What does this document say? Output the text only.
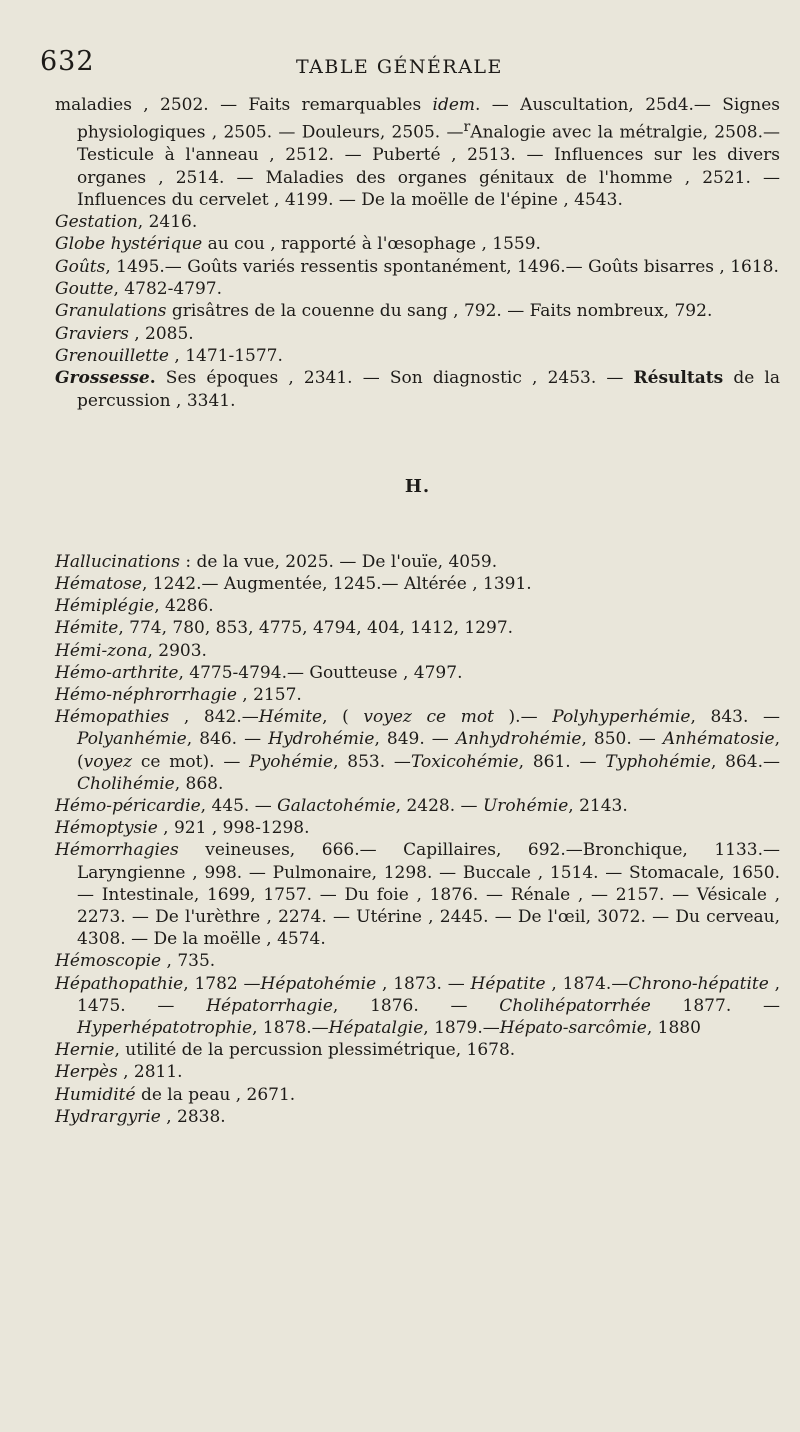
632	TABLE GÉNÉRALE

maladies , 2502. — Faits remarquables idem. — Auscultation, 25d4.— Signes physiologiques , 2505. — Douleurs, 2505. —$^r$Analogie avec la métralgie, 2508.— Testicule à l'anneau , 2512. — Puberté , 2513. — Influences sur les divers organes , 2514. — Maladies des organes génitaux de l'homme , 2521. — Influences du cervelet , 4199. — De la moëlle de l'épine , 4543.

Gestation, 2416.

Globe hystérique au cou , rapporté à l'œsophage , 1559.

Goûts, 1495.— Goûts variés ressentis spontanément, 1496.— Goûts bisarres , 1618.

Goutte, 4782-4797.

Granulations grisâtres de la couenne du sang , 792. — Faits nombreux, 792.

Graviers , 2085.

Grenouillette , 1471-1577.

Grossesse. Ses époques , 2341. — Son diagnostic , 2453. — Résultats de la percussion , 3341.

H.

Hallucinations : de la vue, 2025. — De l'ouïe, 4059.

Hématose, 1242.— Augmentée, 1245.— Altérée , 1391.

Hémiplégie, 4286.

Hémite, 774, 780, 853, 4775, 4794, 404, 1412, 1297.

Hémi-zona, 2903.

Hémo-arthrite, 4775-4794.— Goutteuse , 4797.

Hémo-néphrorrhagie , 2157.

Hémopathies , 842.—Hémite, ( voyez ce mot ).— Polyhyperhémie, 843. —Polyanhémie, 846. — Hydrohémie, 849. — Anhydrohémie, 850. — Anhématosie, (voyez ce mot). — Pyohémie, 853. —Toxicohémie, 861. — Typhohémie, 864.— Cholihémie, 868.

Hémo-péricardie, 445. — Galactohémie, 2428. — Urohémie, 2143.

Hémoptysie , 921 , 998-1298.

Hémorrhagies veineuses, 666.— Capillaires, 692.—Bronchique, 1133.— Laryngienne , 998. — Pulmonaire, 1298. — Buccale , 1514. — Stomacale, 1650. — Intestinale, 1699, 1757. — Du foie , 1876. — Rénale , — 2157. — Vésicale , 2273. — De l'urèthre , 2274. — Utérine , 2445. — De l'œil, 3072. — Du cerveau, 4308. — De la moëlle , 4574.

Hémoscopie , 735.

Hépathopathie, 1782 —Hépatohémie , 1873. — Hépatite , 1874.—Chrono-hépatite , 1475. — Hépatorrhagie, 1876. — Cholihépatorrhée 1877. — Hyperhépatotrophie, 1878.—Hépatalgie, 1879.—Hépato-sarcômie, 1880

Hernie, utilité de la percussion plessimétrique, 1678.

Herpès , 2811.

Humidité de la peau , 2671.

Hydrargyrie , 2838.
